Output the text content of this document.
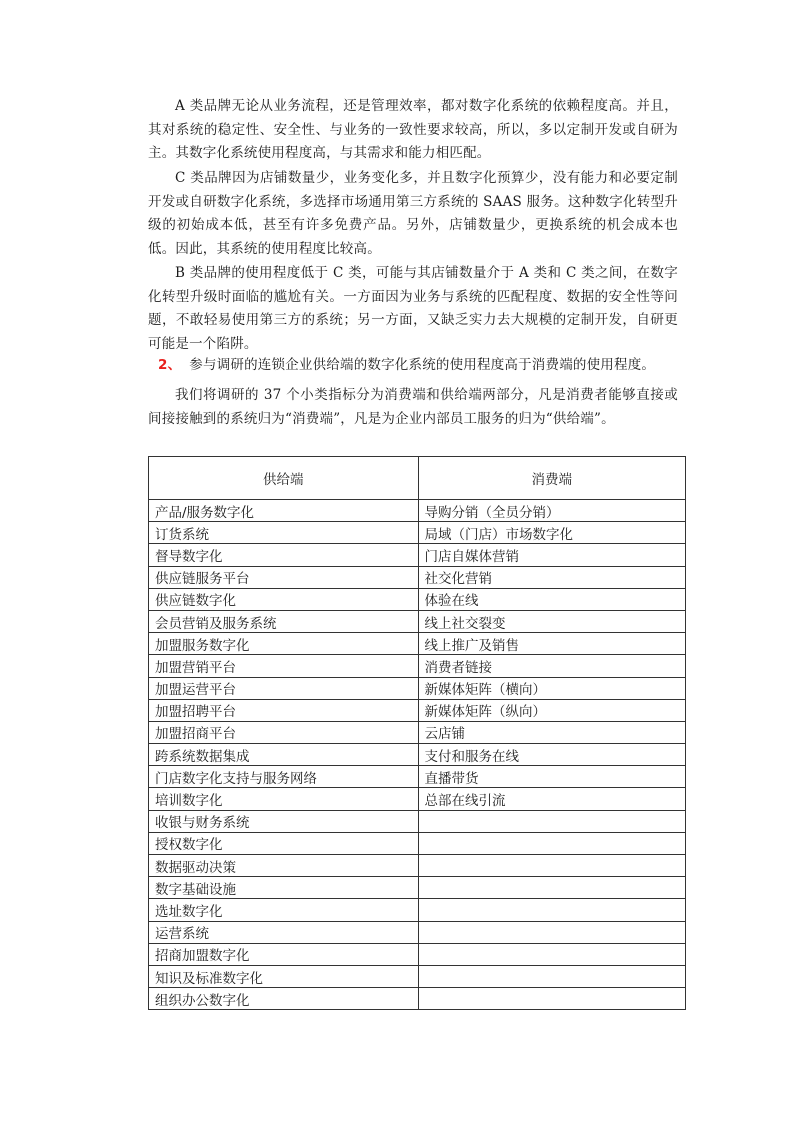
A 类品牌无论从业务流程，还是管理效率，都对数字化系统的依赖程度高。并且，其对系统的稳定性、安全性、与业务的一致性要求较高，所以，多以定制开发或自研为主。其数字化系统使用程度高，与其需求和能力相匹配。

C 类品牌因为店铺数量少，业务变化多，并且数字化预算少，没有能力和必要定制开发或自研数字化系统，多选择市场通用第三方系统的 SAAS 服务。这种数字化转型升级的初始成本低，甚至有许多免费产品。另外，店铺数量少，更换系统的机会成本也低。因此，其系统的使用程度比较高。

B 类品牌的使用程度低于 C 类，可能与其店铺数量介于 A 类和 C 类之间，在数字化转型升级时面临的尴尬有关。一方面因为业务与系统的匹配程度、数据的安全性等问题，不敢轻易使用第三方的系统；另一方面，又缺乏实力去大规模的定制开发，自研更可能是一个陷阱。

2、 参与调研的连锁企业供给端的数字化系统的使用程度高于消费端的使用程度。

我们将调研的 37 个小类指标分为消费端和供给端两部分，凡是消费者能够直接或间接接触到的系统归为“消费端”，凡是为企业内部员工服务的归为“供给端”。

供给端	消费端
产品/服务数字化	导购分销（全员分销）
订货系统	局域（门店）市场数字化
督导数字化	门店自媒体营销
供应链服务平台	社交化营销
供应链数字化	体验在线
会员营销及服务系统	线上社交裂变
加盟服务数字化	线上推广及销售
加盟营销平台	消费者链接
加盟运营平台	新媒体矩阵（横向）
加盟招聘平台	新媒体矩阵（纵向）
加盟招商平台	云店铺
跨系统数据集成	支付和服务在线
门店数字化支持与服务网络	直播带货
培训数字化	总部在线引流
收银与财务系统	
授权数字化	
数据驱动决策	
数字基础设施	
选址数字化	
运营系统	
招商加盟数字化	
知识及标准数字化	
组织办公数字化	
